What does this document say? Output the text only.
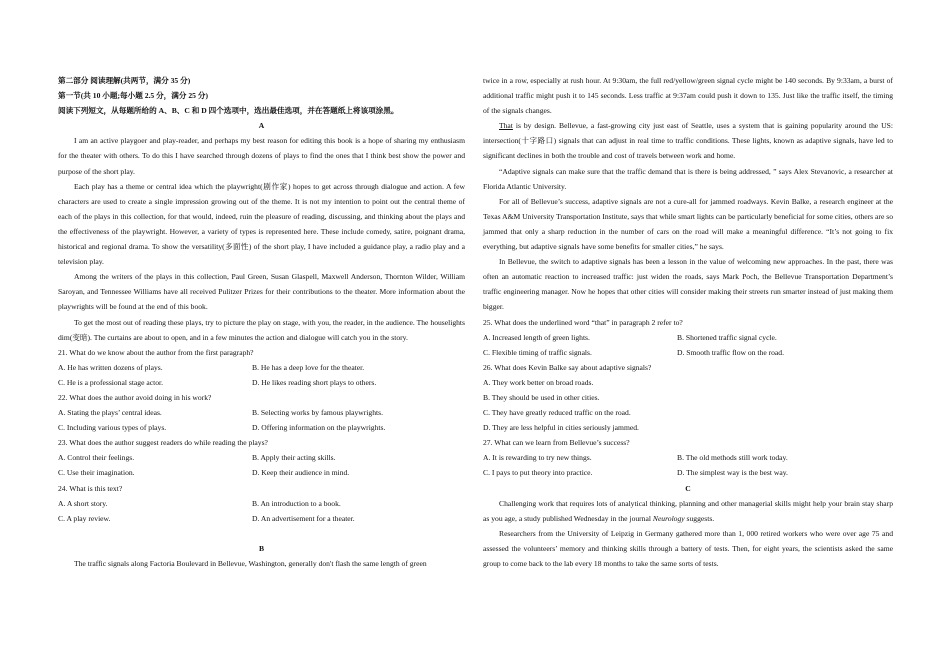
第二部分 阅读理解(共两节，满分 35 分)

第一节(共 10 小题;每小题 2.5 分，满分 25 分)

阅读下列短文，从每题所给的 A、B、C 和 D 四个选项中，选出最佳选项，并在答题纸上将该项涂黑。

A

I am an active playgoer and play-reader, and perhaps my best reason for editing this book is a hope of sharing my enthusiasm for the theater with others. To do this I have searched through dozens of plays to find the ones that I think best show the power and purpose of the short play.

Each play has a theme or central idea which the playwright(剧作家) hopes to get across through dialogue and action. A few characters are used to create a single impression growing out of the theme. It is not my intention to point out the central theme of each of the plays in this collection, for that would, indeed, ruin the pleasure of reading, discussing, and thinking about the plays and the effectiveness of the playwright. However, a variety of types is represented here. These include comedy, satire, poignant drama, historical and regional drama. To show the versatility(多面性) of the short play, I have included a guidance play, a radio play and a television play.

Among the writers of the plays in this collection, Paul Green, Susan Glaspell, Maxwell Anderson, Thornton Wilder, William Saroyan, and Tennessee Williams have all received Pulitzer Prizes for their contributions to the theater. More information about the playwrights will be found at the end of this book.

To get the most out of reading these plays, try to picture the play on stage, with you, the reader, in the audience. The houselights dim(变暗). The curtains are about to open, and in a few minutes the action and dialogue will catch you in the story.

21. What do we know about the author from the first paragraph?

A. He has written dozens of plays.	B. He has a deep love for the theater.
C. He is a professional stage actor.	D. He likes reading short plays to others.

22. What does the author avoid doing in his work?

A. Stating the plays’ central ideas.	B. Selecting works by famous playwrights.
C. Including various types of plays.	D. Offering information on the playwrights.

23. What does the author suggest readers do while reading the plays?

A. Control their feelings.	B. Apply their acting skills.
C. Use their imagination.	D. Keep their audience in mind.

24. What is this text?

A. A short story.	B. An introduction to a book.
C. A play review.	D. An advertisement for a theater.

B

The traffic signals along Factoria Boulevard in Bellevue, Washington, generally don't flash the same length of green

twice in a row, especially at rush hour. At 9:30am, the full red/yellow/green signal cycle might be 140 seconds. By 9:33am, a burst of additional traffic might push it to 145 seconds. Less traffic at 9:37am could push it down to 135. Just like the traffic itself, the timing of the signals changes.

That is by design. Bellevue, a fast-growing city just east of Seattle, uses a system that is gaining popularity around the US: intersection(十字路口) signals that can adjust in real time to traffic conditions. These lights, known as adaptive signals, have led to significant declines in both the trouble and cost of travels between work and home.

“Adaptive signals can make sure that the traffic demand that is there is being addressed, ” says Alex Stevanovic, a researcher at Florida Atlantic University.

For all of Bellevue’s success, adaptive signals are not a cure-all for jammed roadways. Kevin Balke, a research engineer at the Texas A&M University Transportation Institute, says that while smart lights can be particularly beneficial for some cities, others are so jammed that only a sharp reduction in the number of cars on the road will make a meaningful difference. “It’s not going to fix everything, but adaptive signals have some benefits for smaller cities,” he says.

In Bellevue, the switch to adaptive signals has been a lesson in the value of welcoming new approaches. In the past, there was often an automatic reaction to increased traffic: just widen the roads, says Mark Poch, the Bellevue Transportation Department’s traffic engineering manager. Now he hopes that other cities will consider making their streets run smarter instead of just making them bigger.

25. What does the underlined word “that” in paragraph 2 refer to?

A. Increased length of green lights.	B. Shortened traffic signal cycle.
C. Flexible timing of traffic signals.	D. Smooth traffic flow on the road.

26. What does Kevin Balke say about adaptive signals?

A. They work better on broad roads.

B. They should be used in other cities.

C. They have greatly reduced traffic on the road.

D. They are less helpful in cities seriously jammed.

27. What can we learn from Bellevue’s success?

A. It is rewarding to try new things.	B. The old methods still work today.
C. I pays to put theory into practice.	D. The simplest way is the best way.

C

Challenging work that requires lots of analytical thinking, planning and other managerial skills might help your brain stay sharp as you age, a study published Wednesday in the journal Neurology suggests.

Researchers from the University of Leipzig in Germany gathered more than 1, 000 retired workers who were over age 75 and assessed the volunteers’ memory and thinking skills through a battery of tests. Then, for eight years, the scientists asked the same group to come back to the lab every 18 months to take the same sorts of tests.
